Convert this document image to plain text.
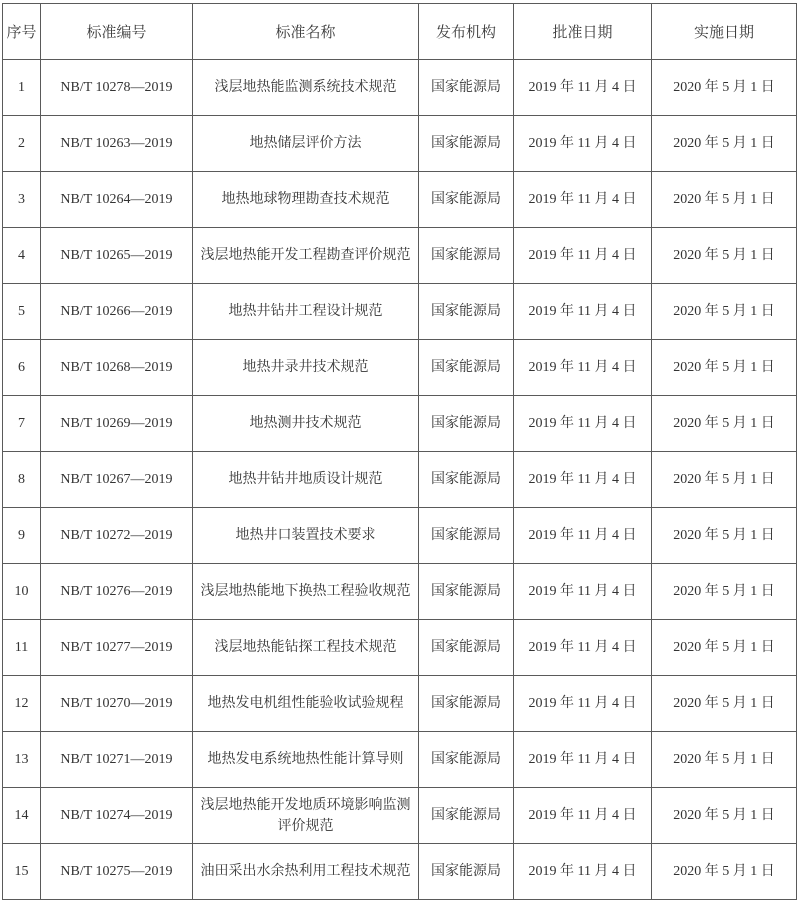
序号	标准编号	标准名称	发布机构	批准日期	实施日期
1	NB/T 10278—2019	浅层地热能监测系统技术规范	国家能源局	2019 年 11 月 4 日	2020 年 5 月 1 日
2	NB/T 10263—2019	地热储层评价方法	国家能源局	2019 年 11 月 4 日	2020 年 5 月 1 日
3	NB/T 10264—2019	地热地球物理勘查技术规范	国家能源局	2019 年 11 月 4 日	2020 年 5 月 1 日
4	NB/T 10265—2019	浅层地热能开发工程勘查评价规范	国家能源局	2019 年 11 月 4 日	2020 年 5 月 1 日
5	NB/T 10266—2019	地热井钻井工程设计规范	国家能源局	2019 年 11 月 4 日	2020 年 5 月 1 日
6	NB/T 10268—2019	地热井录井技术规范	国家能源局	2019 年 11 月 4 日	2020 年 5 月 1 日
7	NB/T 10269—2019	地热测井技术规范	国家能源局	2019 年 11 月 4 日	2020 年 5 月 1 日
8	NB/T 10267—2019	地热井钻井地质设计规范	国家能源局	2019 年 11 月 4 日	2020 年 5 月 1 日
9	NB/T 10272—2019	地热井口装置技术要求	国家能源局	2019 年 11 月 4 日	2020 年 5 月 1 日
10	NB/T 10276—2019	浅层地热能地下换热工程验收规范	国家能源局	2019 年 11 月 4 日	2020 年 5 月 1 日
11	NB/T 10277—2019	浅层地热能钻探工程技术规范	国家能源局	2019 年 11 月 4 日	2020 年 5 月 1 日
12	NB/T 10270—2019	地热发电机组性能验收试验规程	国家能源局	2019 年 11 月 4 日	2020 年 5 月 1 日
13	NB/T 10271—2019	地热发电系统地热性能计算导则	国家能源局	2019 年 11 月 4 日	2020 年 5 月 1 日
14	NB/T 10274—2019	浅层地热能开发地质环境影响监测评价规范	国家能源局	2019 年 11 月 4 日	2020 年 5 月 1 日
15	NB/T 10275—2019	油田采出水余热利用工程技术规范	国家能源局	2019 年 11 月 4 日	2020 年 5 月 1 日
